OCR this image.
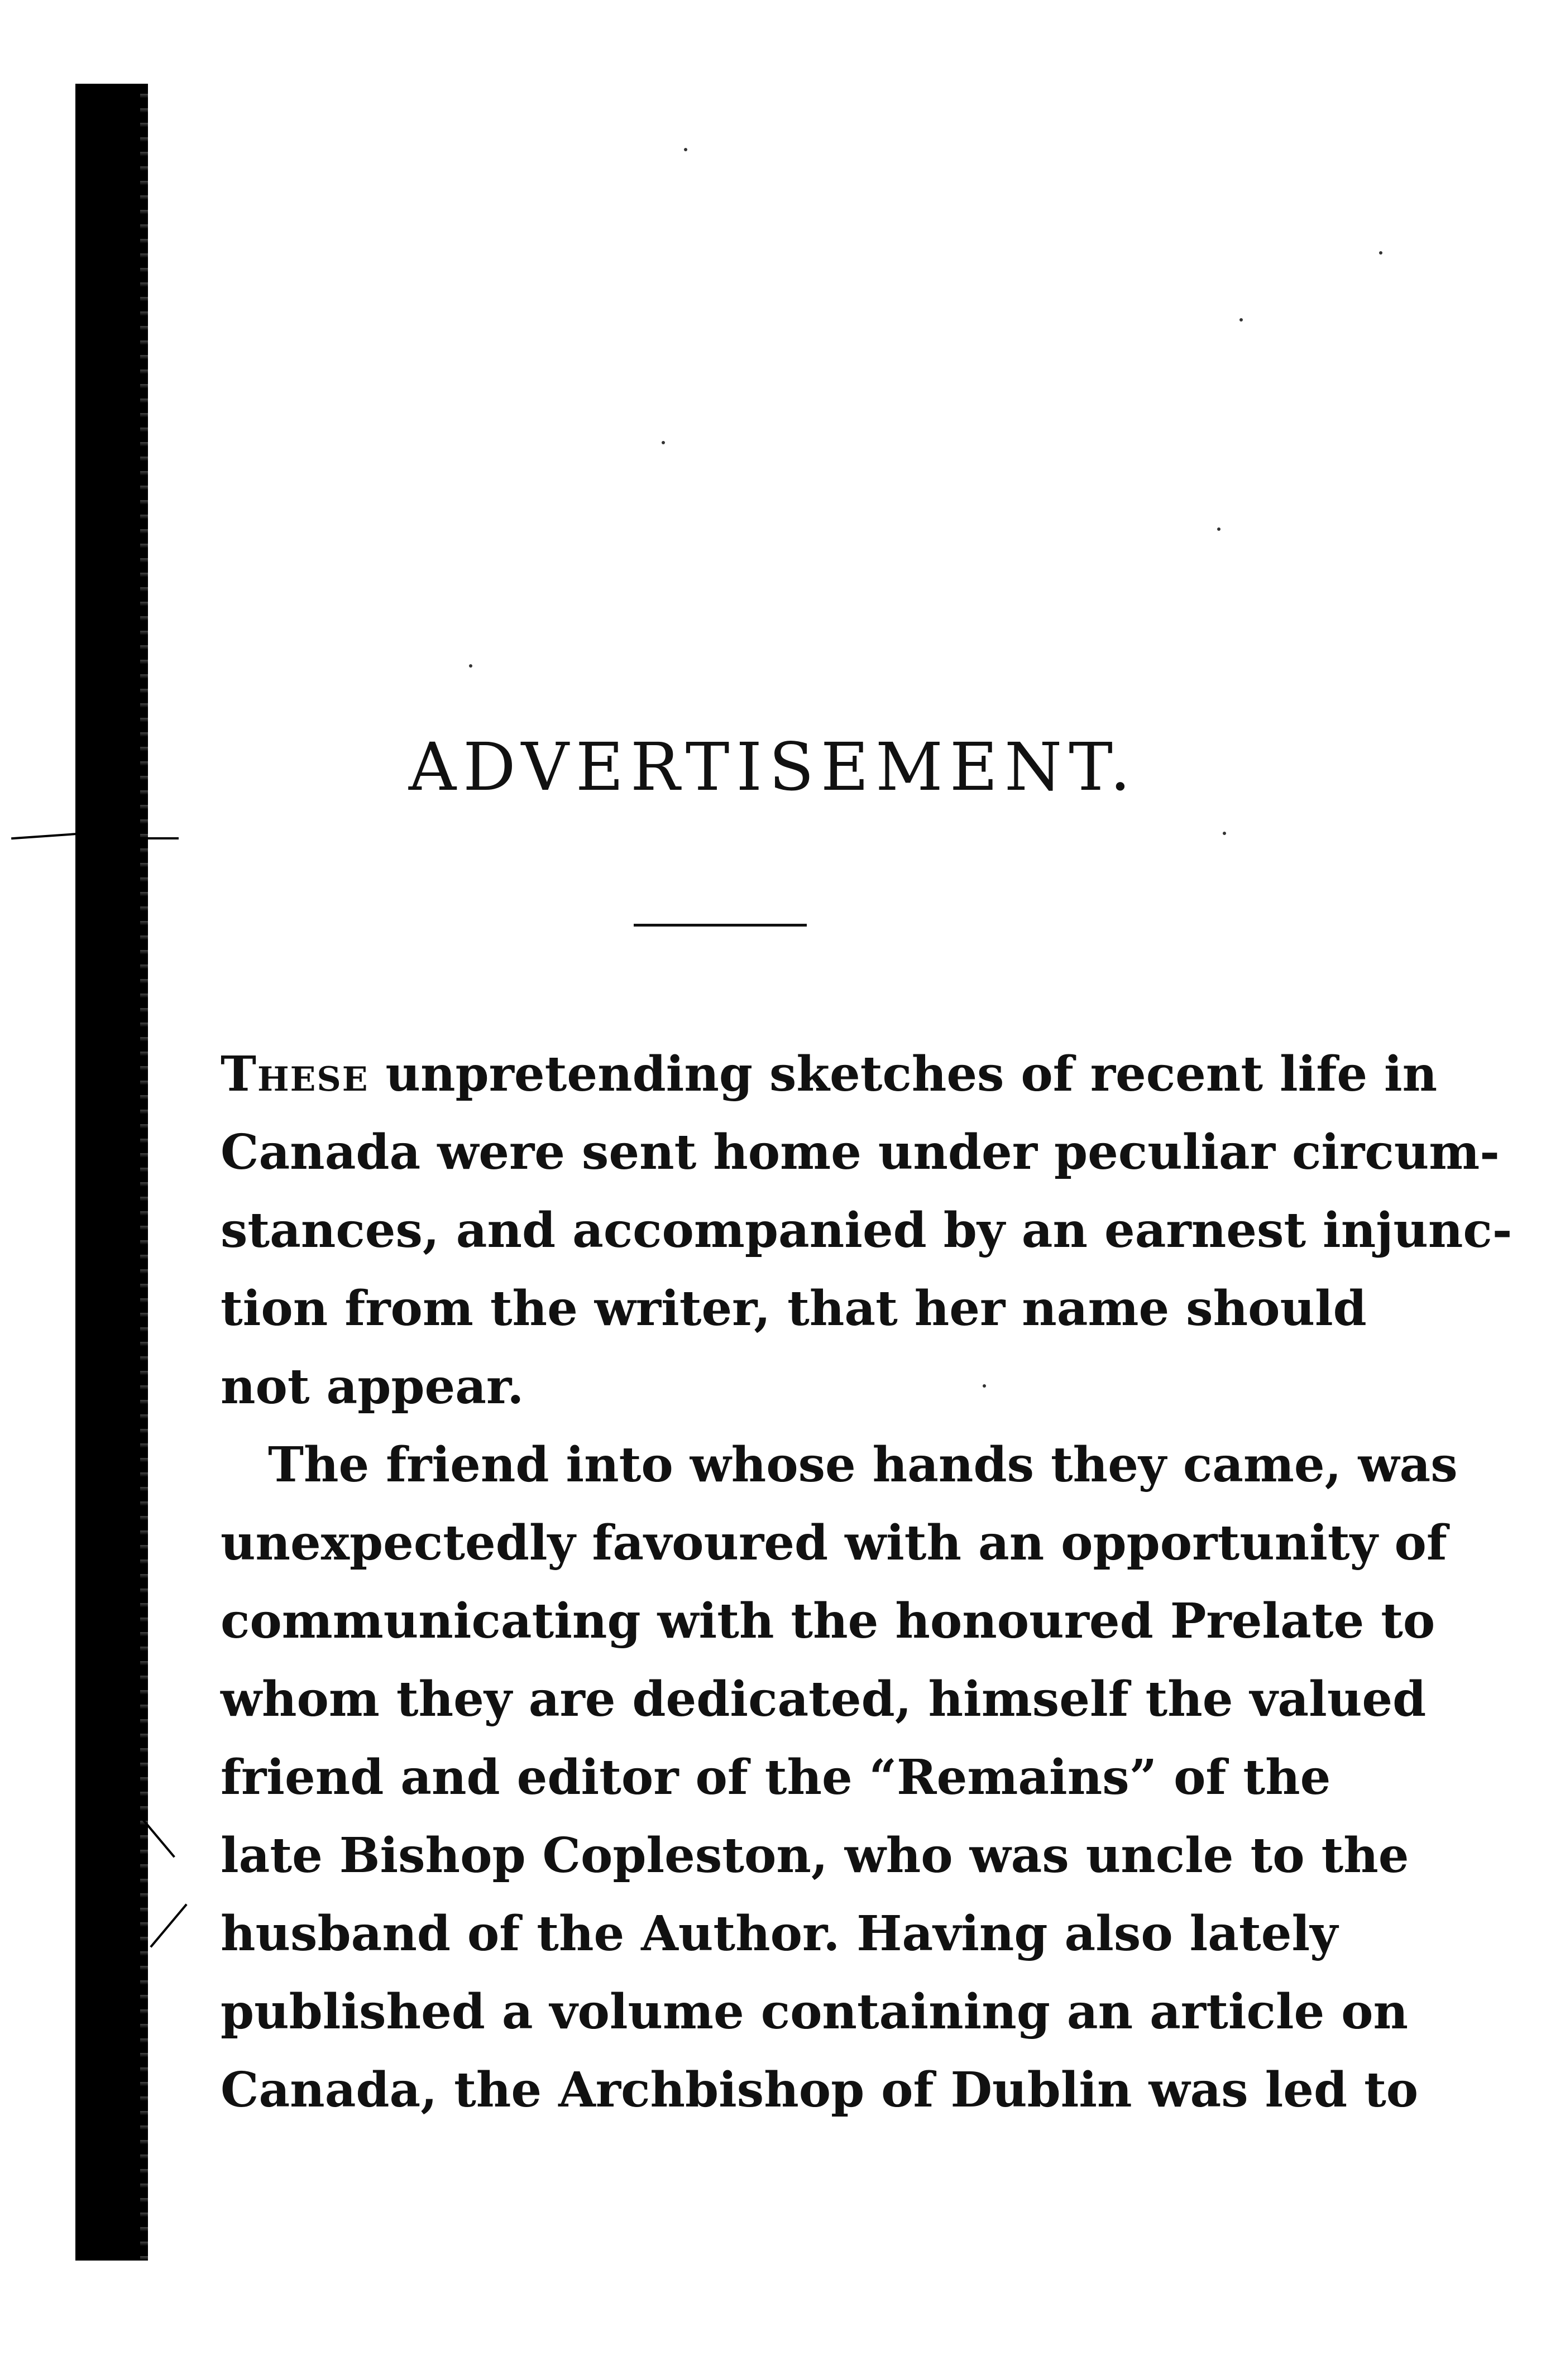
ADVERTISEMENT.

These unpretending sketches of recent life in
Canada were sent home under peculiar circum-
stances, and accompanied by an earnest injunc-
tion from the writer, that her name should
not appear.

The friend into whose hands they came, was
unexpectedly favoured with an opportunity of
communicating with the honoured Prelate to
whom they are dedicated, himself the valued
friend and editor of the “Remains” of the
late Bishop Copleston, who was uncle to the
husband of the Author. Having also lately
published a volume containing an article on
Canada, the Archbishop of Dublin was led to
